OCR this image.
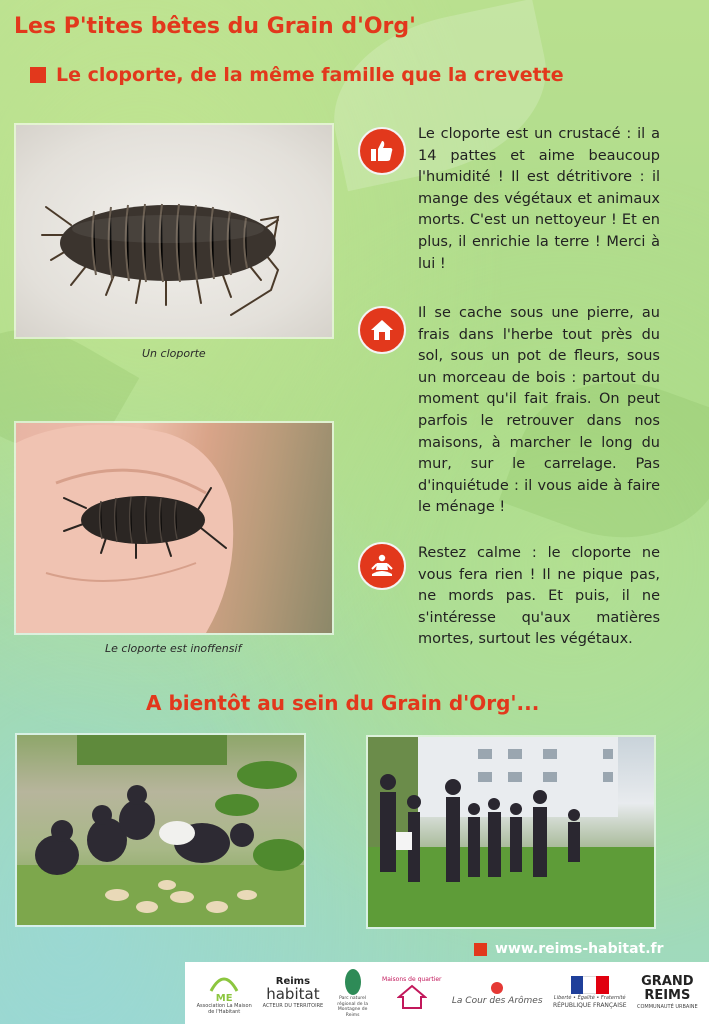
Les P'tites bêtes du Grain d'Org'
Le cloporte, de la même famille que la crevette
Un cloporte
Le cloporte est inoffensif

Le cloporte est un crustacé : il a 14 pattes et aime beaucoup l'humidité ! Il est détritivore : il mange des végétaux et animaux morts. C'est un nettoyeur ! Et en plus, il enrichie la terre ! Merci à lui !

Il se cache sous une pierre, au frais dans l'herbe tout près du sol, sous un pot de fleurs, sous un morceau de bois : partout du moment qu'il fait frais. On peut parfois le retrouver dans nos maisons, à marcher le long du mur, sur le carrelage. Pas d'inquiétude : il vous aide à faire le ménage !

Restez calme : le cloporte ne vous fera rien ! Il ne pique pas, ne mords pas. Et puis, il ne s'intéresse qu'aux matières mortes, surtout les végétaux.

A bientôt au sein du Grain d'Org'...
www.reims-habitat.fr
ME
Association La Maison de l'Habitant
Reims
habitat
ACTEUR DU TERRITOIRE
Parc naturel régional de la Montagne de Reims
Maisons de quartier
La Cour des Arômes Liberté • Égalité • Fraternité
RÉPUBLIQUE FRANÇAISE
GRAND
REIMS
COMMUNAUTÉ URBAINE
